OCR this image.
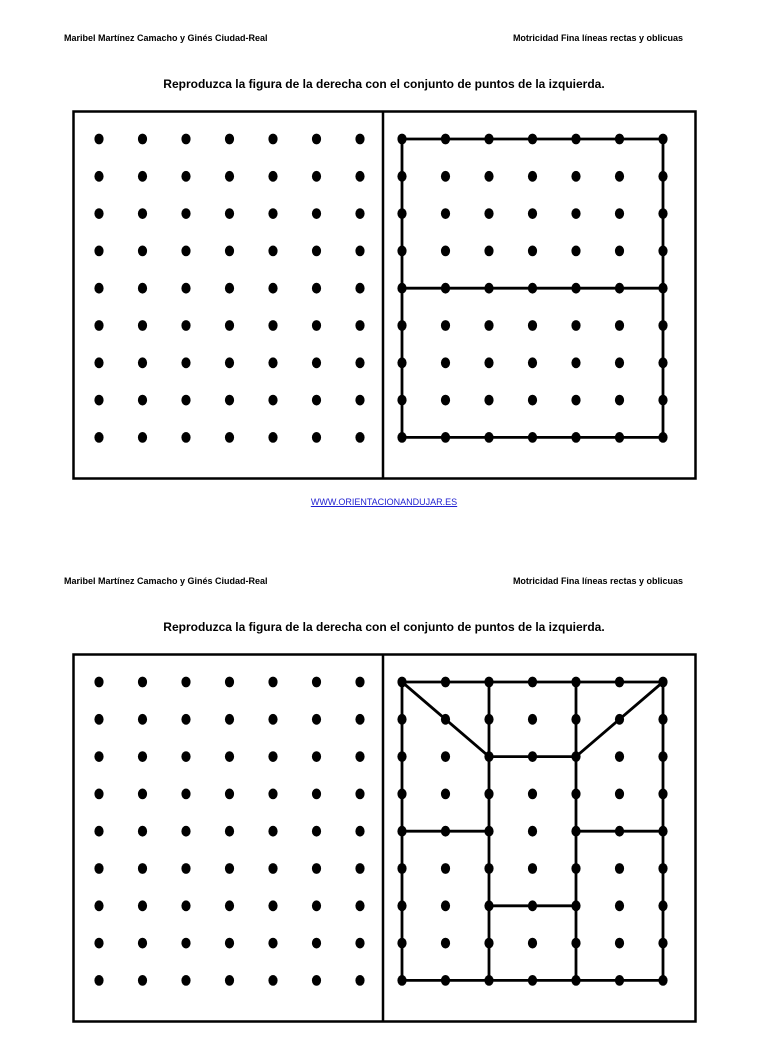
Maribel Martínez Camacho y Ginés Ciudad-Real	Motricidad Fina líneas rectas y oblicuas
Reproduzca la figura de la derecha con el conjunto de puntos de la izquierda.
WWW.ORIENTACIONANDUJAR.ES
Maribel Martínez Camacho y Ginés Ciudad-Real	Motricidad Fina líneas rectas y oblicuas
Reproduzca la figura de la derecha con el conjunto de puntos de la izquierda.
